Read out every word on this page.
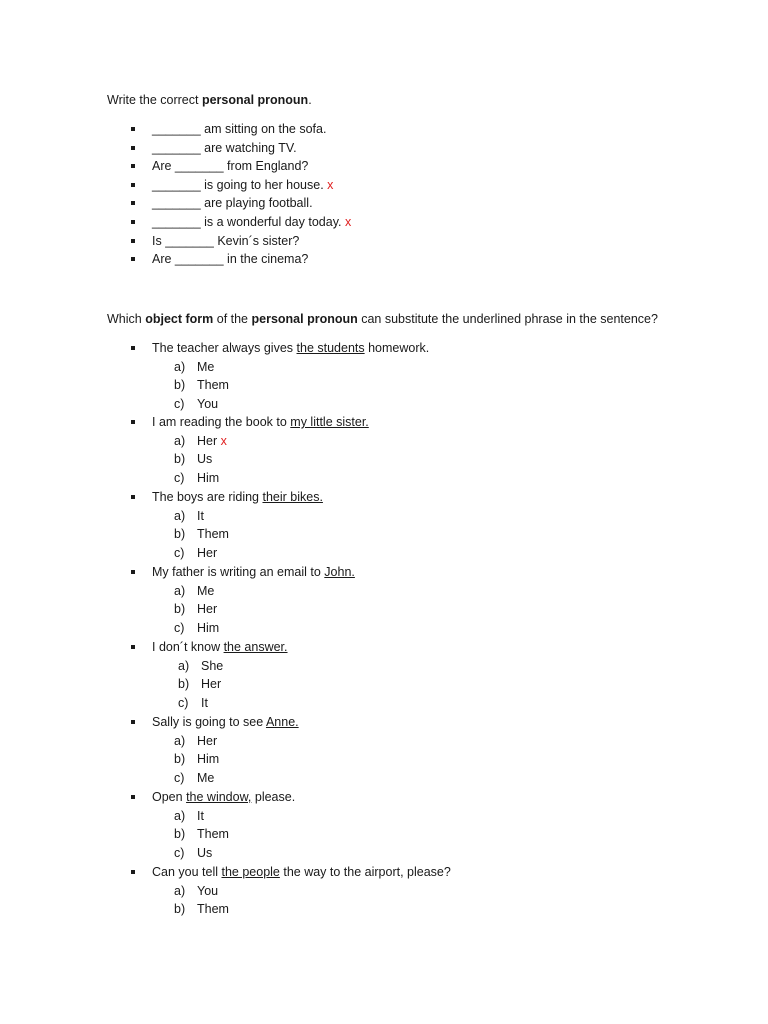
Write the correct personal pronoun.
_______ am sitting on the sofa.
_______ are watching TV.
Are _______ from England?
_______ is going to her house. x
_______ are playing football.
_______ is a wonderful day today. x
Is _______ Kevin´s sister?
Are _______ in the cinema?
Which object form of the personal pronoun can substitute the underlined phrase in the sentence?
The teacher always gives the students homework.
a) Me
b) Them
c)	You
I am reading the book to my little sister.
a) Her x
b) Us
c)	Him
The boys are riding their bikes.
a) It
b) Them
c)	Her
My father is writing an email to John.
a) Me
b) Her
c)	Him
I don´t know the answer.
a) She
b) Her
c)	It
Sally is going to see Anne.
a) Her
b) Him
c)	Me
Open the window, please.
a) It
b) Them
c)	Us
Can you tell the people the way to the airport, please?
a) You
b) Them
